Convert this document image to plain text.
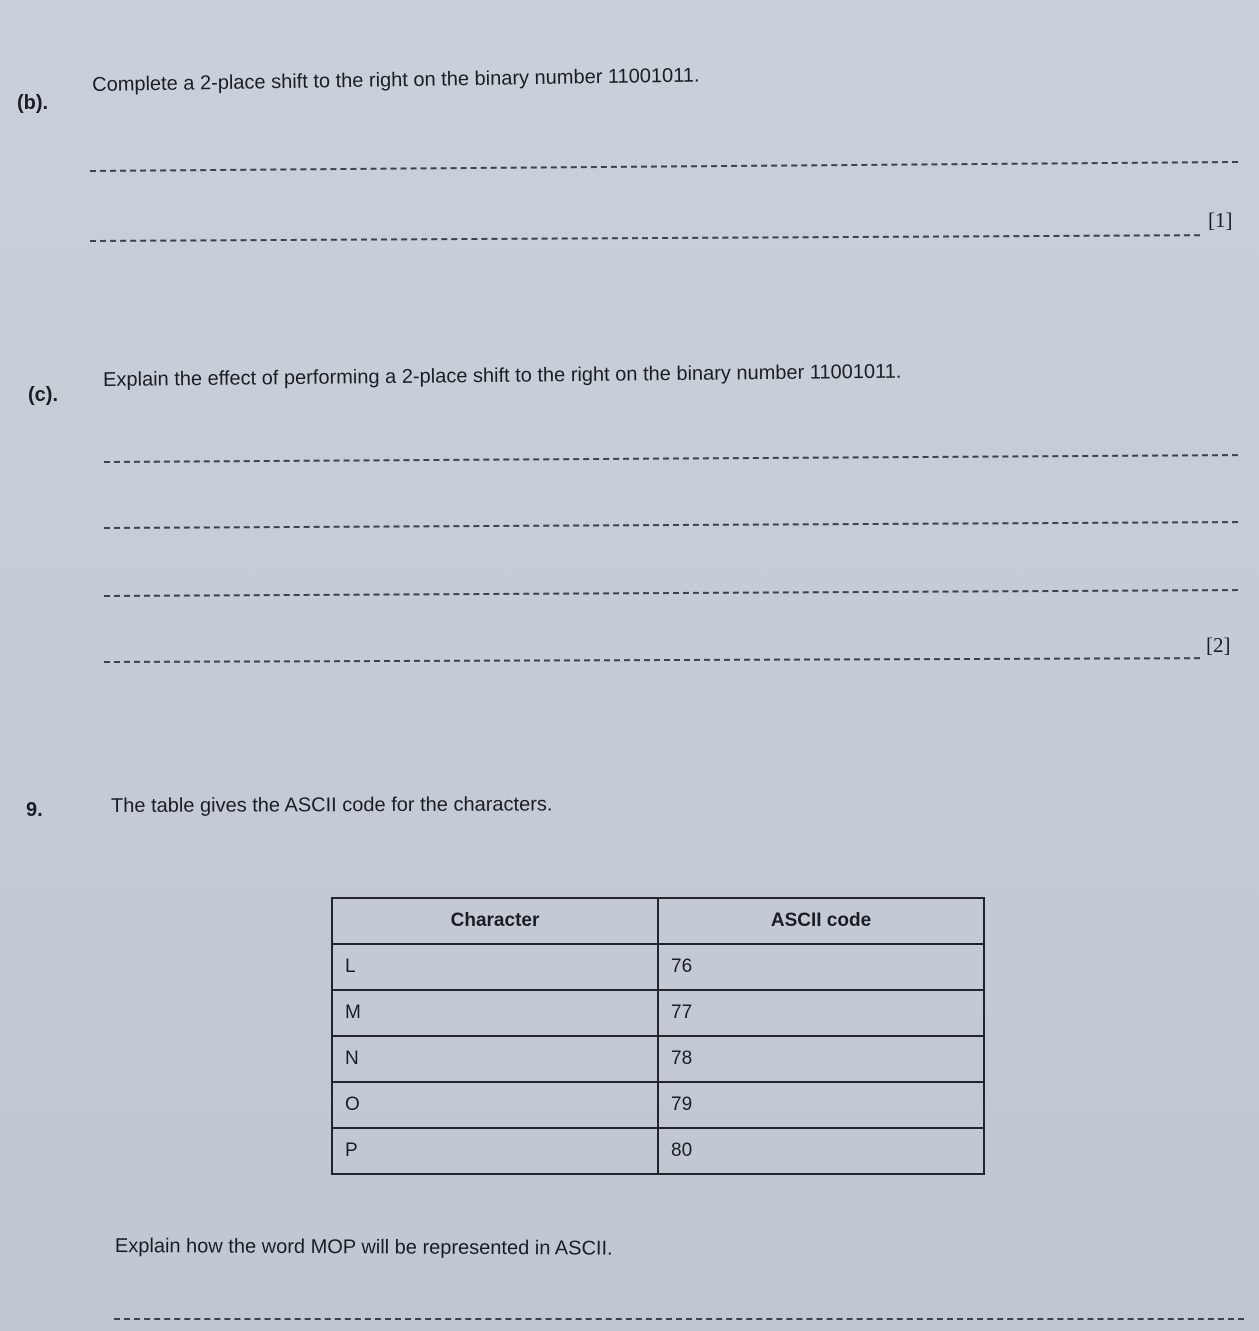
(b).
Complete a 2-place shift to the right on the binary number 11001011.
[1]
(c).
Explain the effect of performing a 2-place shift to the right on the binary number 11001011.
[2]
9.	The table gives the ASCII code for the characters.
Character	ASCII code
L	76
M	77
N	78
O	79
P	80
Explain how the word MOP will be represented in ASCII.
